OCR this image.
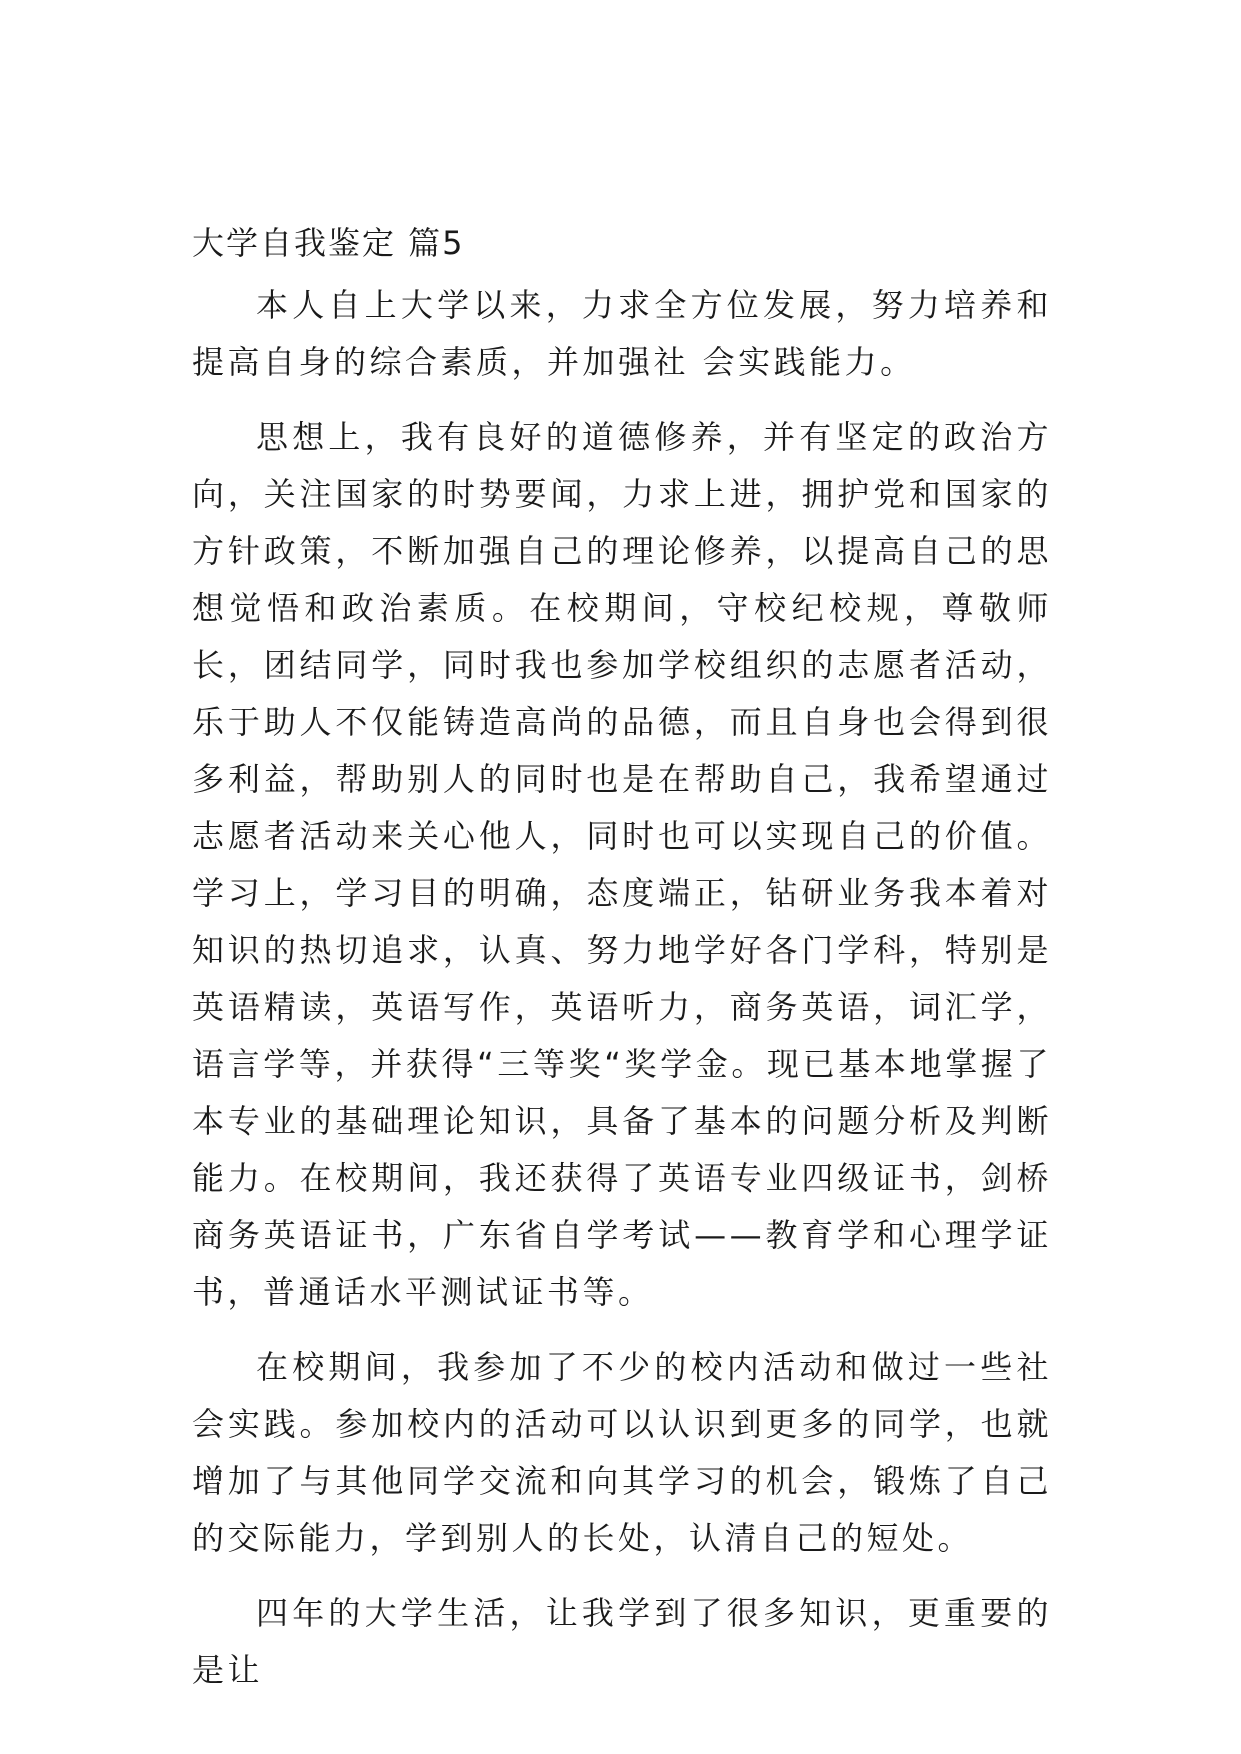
大学自我鉴定 篇5

本人自上大学以来，力求全方位发展，努力培养和提高自身的综合素质，并加强社 会实践能力。

思想上，我有良好的道德修养，并有坚定的政治方向，关注国家的时势要闻，力求上进，拥护党和国家的方针政策，不断加强自己的理论修养，以提高自己的思想觉悟和政治素质。在校期间，守校纪校规，尊敬师长，团结同学，同时我也参加学校组织的志愿者活动，乐于助人不仅能铸造高尚的品德，而且自身也会得到很多利益，帮助别人的同时也是在帮助自己，我希望通过志愿者活动来关心他人，同时也可以实现自己的价值。 学习上，学习目的明确，态度端正，钻研业务我本着对知识的热切追求，认真、努力地学好各门学科，特别是英语精读，英语写作，英语听力，商务英语，词汇学，语言学等，并获得“三等奖“奖学金。现已基本地掌握了本专业的基础理论知识，具备了基本的问题分析及判断能力。在校期间，我还获得了英语专业四级证书，剑桥商务英语证书，广东省自学考试——教育学和心理学证书，普通话水平测试证书等。

在校期间，我参加了不少的校内活动和做过一些社会实践。参加校内的活动可以认识到更多的同学，也就增加了与其他同学交流和向其学习的机会，锻炼了自己的交际能力，学到别人的长处，认清自己的短处。

四年的大学生活，让我学到了很多知识，更重要的是让
